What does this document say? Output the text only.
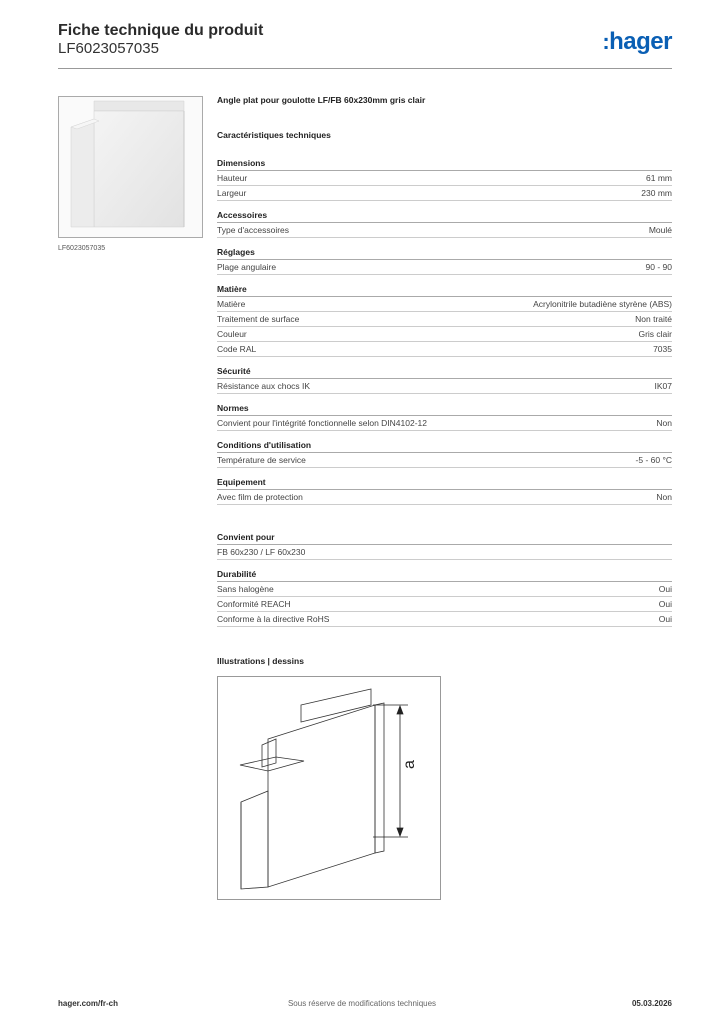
Fiche technique du produit
LF6023057035	:hager
LF6023057035
Angle plat pour goulotte LF/FB 60x230mm gris clair
Caractéristiques techniques
Dimensions
Hauteur	61 mm
Largeur	230 mm
Accessoires
Type d'accessoires	Moulé
Réglages
Plage angulaire	90 - 90
Matière
Matière	Acrylonitrile butadiène styrène (ABS)
Traitement de surface	Non traité
Couleur	Gris clair
Code RAL	7035
Sécurité
Résistance aux chocs IK	IK07
Normes
Convient pour l'intégrité fonctionnelle selon DIN4102-12	Non
Conditions d'utilisation
Température de service	-5 - 60 °C
Equipement
Avec film de protection	Non
Convient pour
FB 60x230 / LF 60x230
Durabilité
Sans halogène	Oui
Conformité REACH	Oui
Conforme à la directive RoHS	Oui
Illustrations | dessins
a
hager.com/fr-ch	Sous réserve de modifications techniques	05.03.2026
